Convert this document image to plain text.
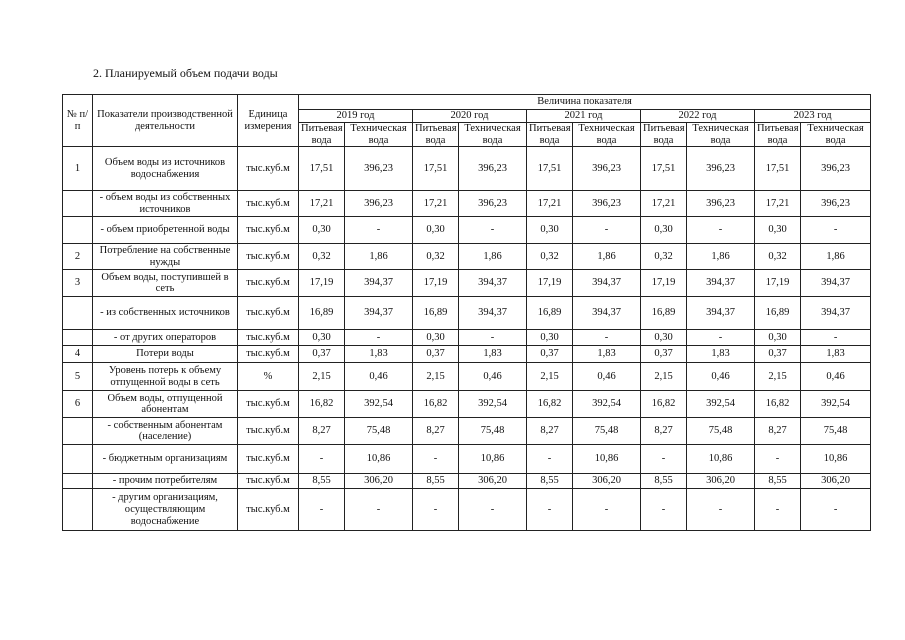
2. Планируемый объем подачи воды
№ п/п	Показатели производственной деятельности	Единица измерения	Величина показателя									
			2019 год		2020 год		2021 год		2022 год		2023 год	
			Питьевая вода	Техническая вода	Питьевая вода	Техническая вода	Питьевая вода	Техническая вода	Питьевая вода	Техническая вода	Питьевая вода	Техническая вода
1	Объем воды из источников водоснабжения	тыс.куб.м	17,51	396,23	17,51	396,23	17,51	396,23	17,51	396,23	17,51	396,23
	- объем воды из собственных источников	тыс.куб.м	17,21	396,23	17,21	396,23	17,21	396,23	17,21	396,23	17,21	396,23
	- объем приобретенной воды	тыс.куб.м	0,30	-	0,30	-	0,30	-	0,30	-	0,30	-
2	Потребление на собственные нужды	тыс.куб.м	0,32	1,86	0,32	1,86	0,32	1,86	0,32	1,86	0,32	1,86
3	Объем воды, поступившей в сеть	тыс.куб.м	17,19	394,37	17,19	394,37	17,19	394,37	17,19	394,37	17,19	394,37
	- из собственных источников	тыс.куб.м	16,89	394,37	16,89	394,37	16,89	394,37	16,89	394,37	16,89	394,37
	- от других операторов	тыс.куб.м	0,30	-	0,30	-	0,30	-	0,30	-	0,30	-
4	Потери воды	тыс.куб.м	0,37	1,83	0,37	1,83	0,37	1,83	0,37	1,83	0,37	1,83
5	Уровень потерь к объему отпущенной воды в сеть	%	2,15	0,46	2,15	0,46	2,15	0,46	2,15	0,46	2,15	0,46
6	Объем воды, отпущенной абонентам	тыс.куб.м	16,82	392,54	16,82	392,54	16,82	392,54	16,82	392,54	16,82	392,54
	- собственным абонентам (население)	тыс.куб.м	8,27	75,48	8,27	75,48	8,27	75,48	8,27	75,48	8,27	75,48
	- бюджетным организациям	тыс.куб.м	-	10,86	-	10,86	-	10,86	-	10,86	-	10,86
	- прочим потребителям	тыс.куб.м	8,55	306,20	8,55	306,20	8,55	306,20	8,55	306,20	8,55	306,20
	- другим организациям, осуществляющим водоснабжение	тыс.куб.м	-	-	-	-	-	-	-	-	-	-
